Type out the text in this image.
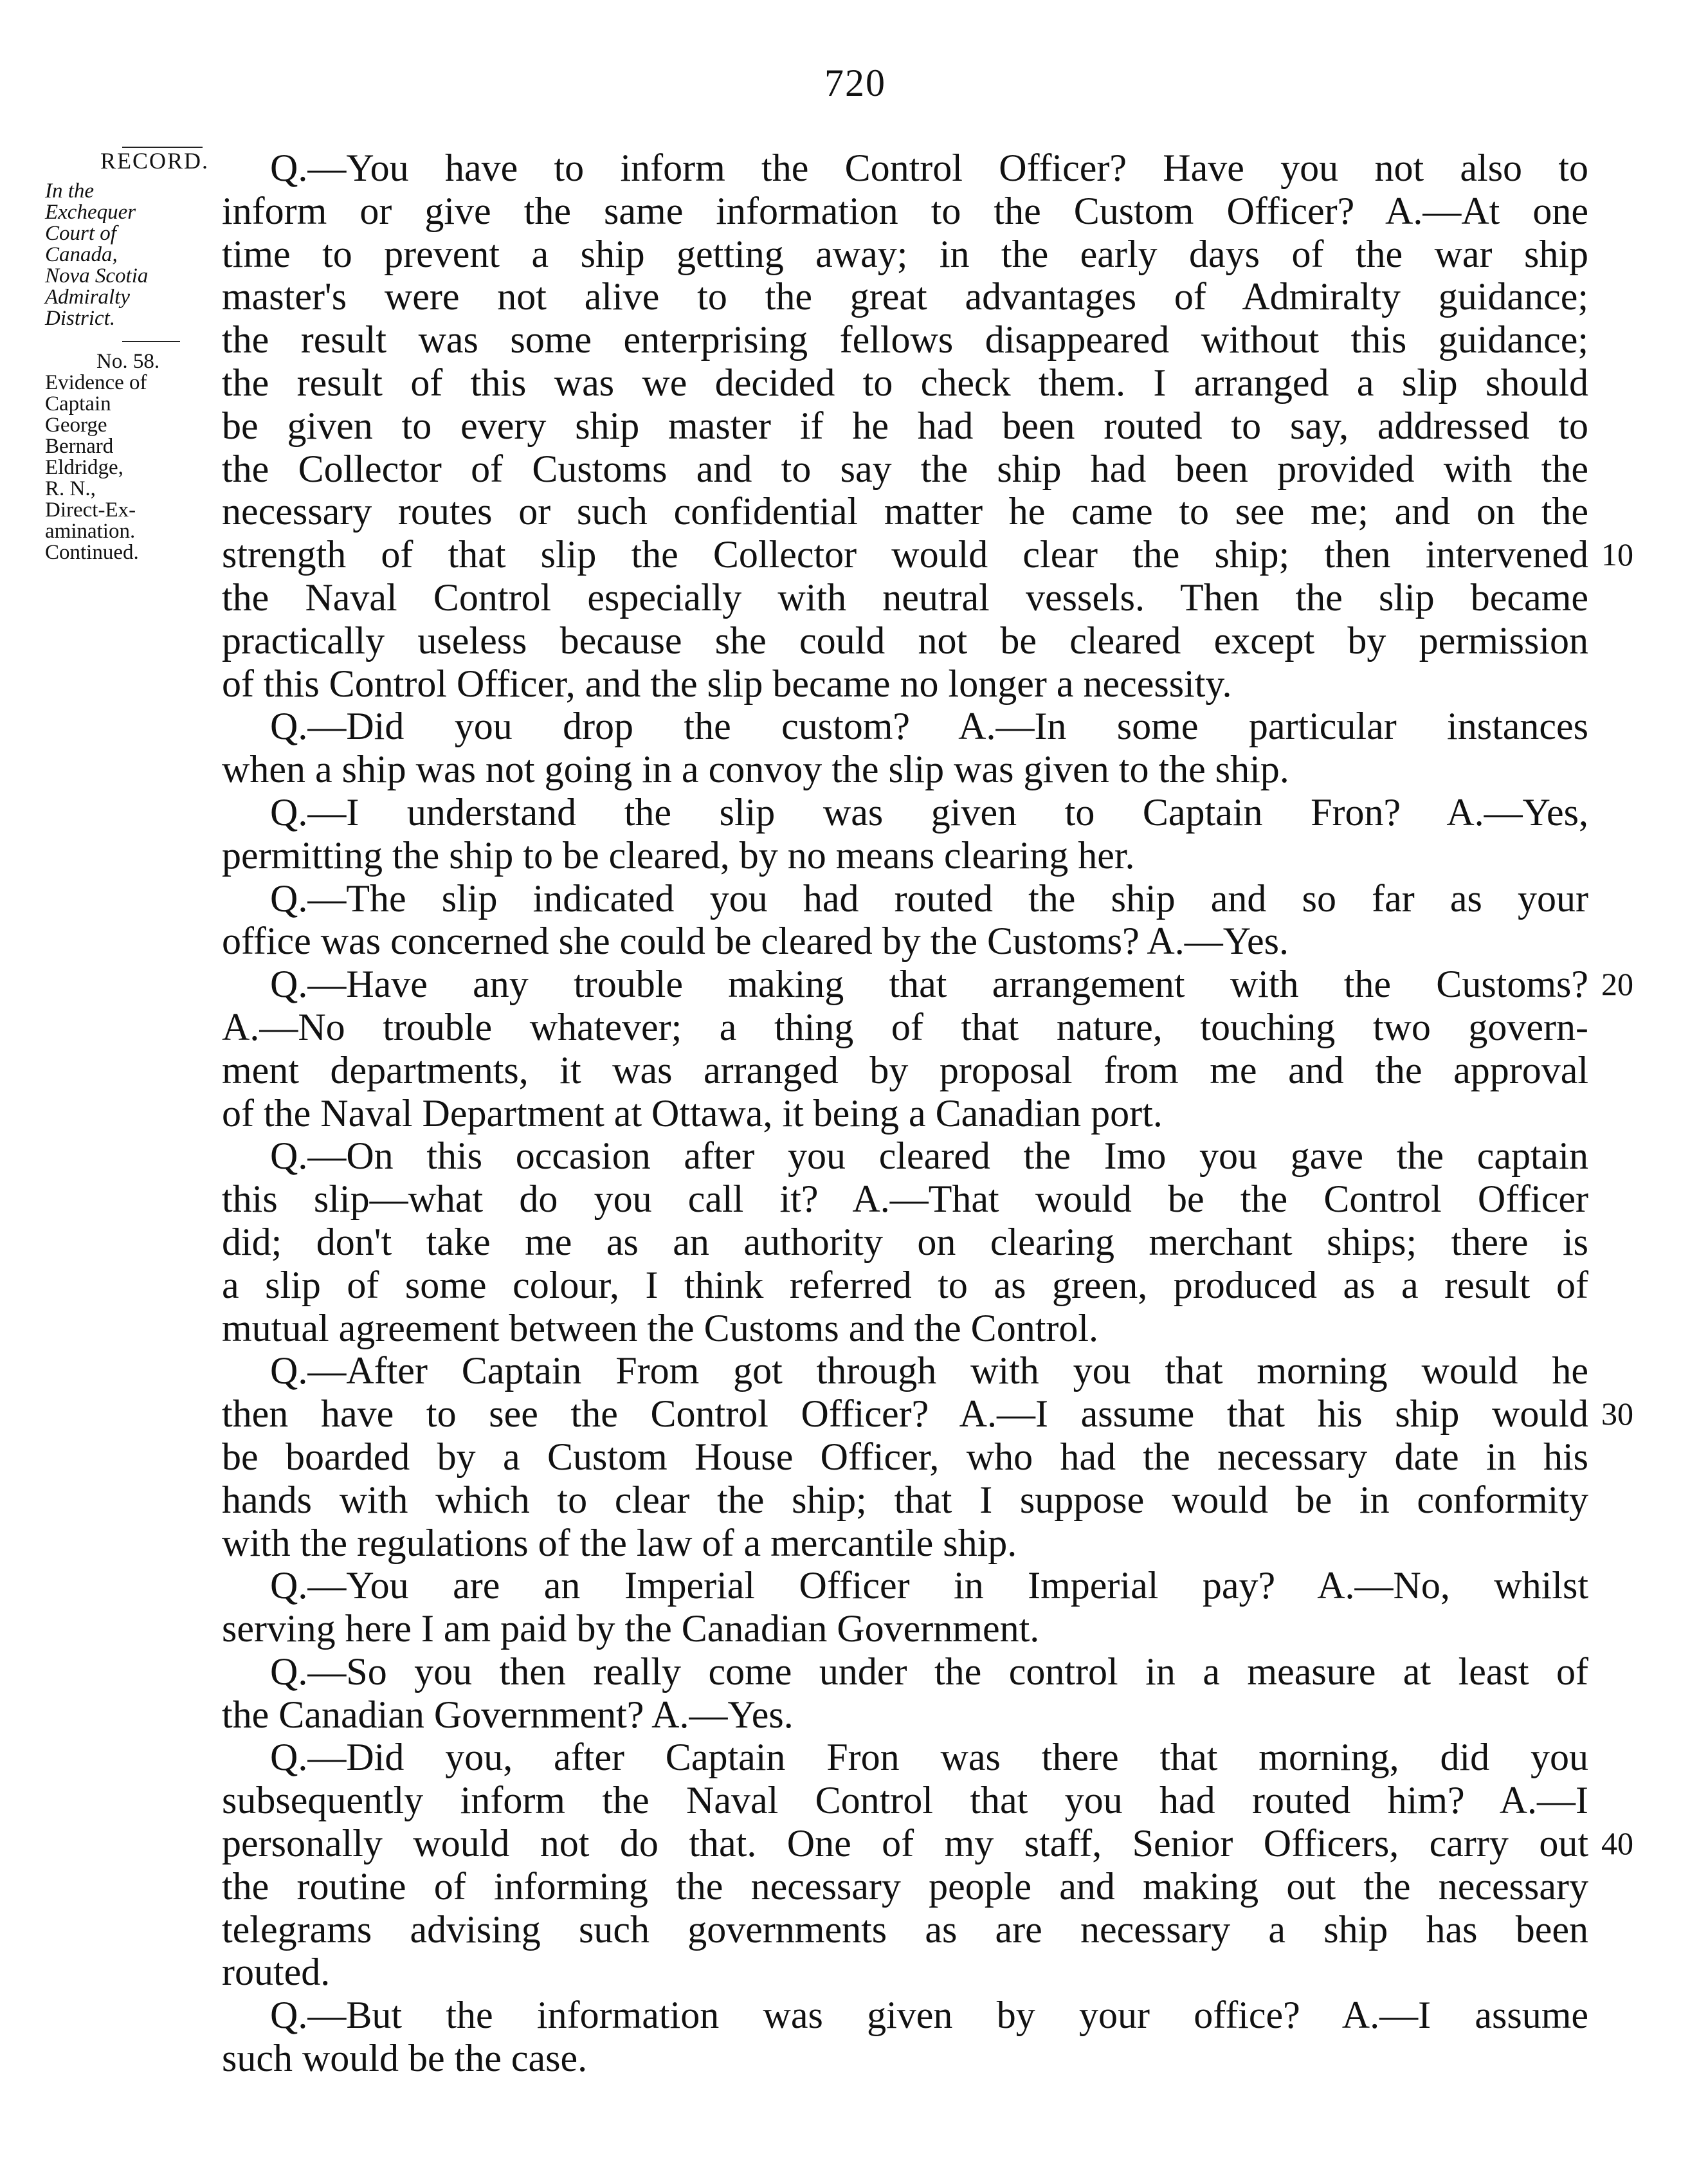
720
RECORD.
In the
Exchequer
Court of
Canada,
Nova Scotia
Admiralty
District.
No. 58.
Evidence of
Captain
George
Bernard
Eldridge,
R. N.,
Direct-Ex-
amination.
Continued.
Q.—You have to inform the Control Officer? Have you not also to
inform or give the same information to the Custom Officer? A.—At one
time to prevent a ship getting away; in the early days of the war ship
master's were not alive to the great advantages of Admiralty guidance;
the result was some enterprising fellows disappeared without this guidance;
the result of this was we decided to check them. I arranged a slip should
be given to every ship master if he had been routed to say, addressed to
the Collector of Customs and to say the ship had been provided with the
necessary routes or such confidential matter he came to see me; and on the
strength of that slip the Collector would clear the ship; then intervened
the Naval Control especially with neutral vessels. Then the slip became
practically useless because she could not be cleared except by permission
of this Control Officer, and the slip became no longer a necessity.
Q.—Did you drop the custom? A.—In some particular instances
when a ship was not going in a convoy the slip was given to the ship.
Q.—I understand the slip was given to Captain Fron? A.—Yes,
permitting the ship to be cleared, by no means clearing her.
Q.—The slip indicated you had routed the ship and so far as your
office was concerned she could be cleared by the Customs? A.—Yes.
Q.—Have any trouble making that arrangement with the Customs?
A.—No trouble whatever; a thing of that nature, touching two govern-
ment departments, it was arranged by proposal from me and the approval
of the Naval Department at Ottawa, it being a Canadian port.
Q.—On this occasion after you cleared the Imo you gave the captain
this slip—what do you call it? A.—That would be the Control Officer
did; don't take me as an authority on clearing merchant ships; there is
a slip of some colour, I think referred to as green, produced as a result of
mutual agreement between the Customs and the Control.
Q.—After Captain From got through with you that morning would he
then have to see the Control Officer? A.—I assume that his ship would
be boarded by a Custom House Officer, who had the necessary date in his
hands with which to clear the ship; that I suppose would be in conformity
with the regulations of the law of a mercantile ship.
Q.—You are an Imperial Officer in Imperial pay? A.—No, whilst
serving here I am paid by the Canadian Government.
Q.—So you then really come under the control in a measure at least of
the Canadian Government? A.—Yes.
Q.—Did you, after Captain Fron was there that morning, did you
subsequently inform the Naval Control that you had routed him? A.—I
personally would not do that. One of my staff, Senior Officers, carry out
the routine of informing the necessary people and making out the necessary
telegrams advising such governments as are necessary a ship has been
routed.
Q.—But the information was given by your office? A.—I assume
such would be the case.
10
20
30
40
